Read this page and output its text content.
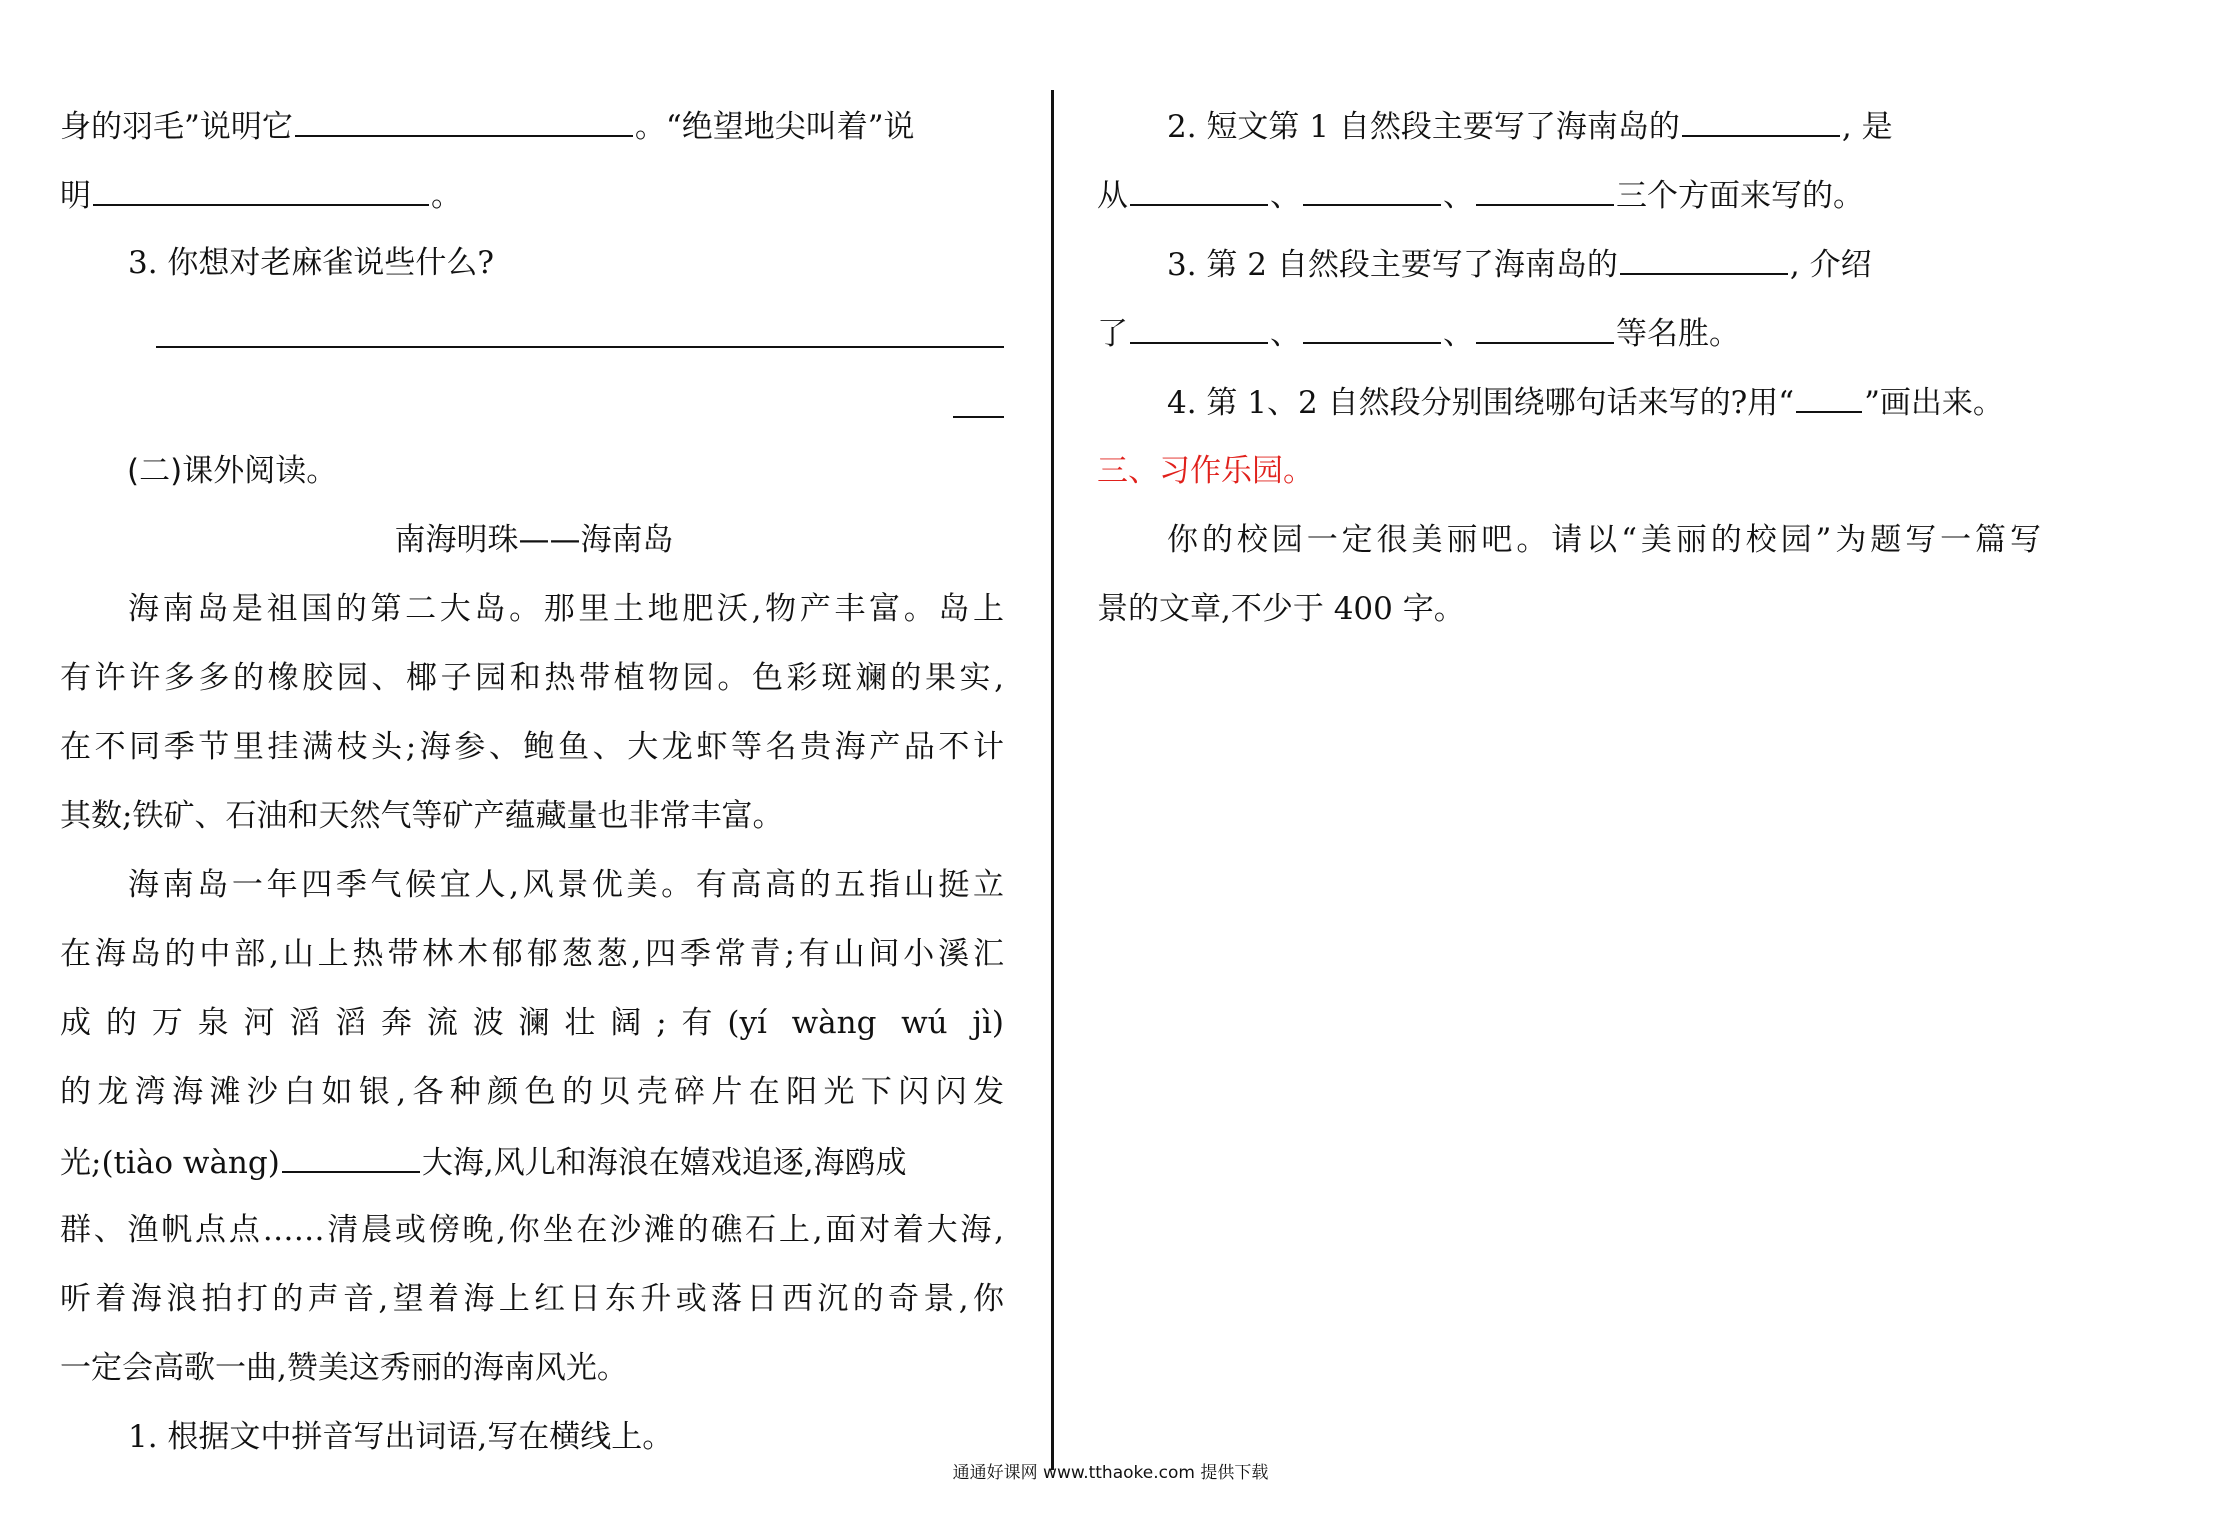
身的羽毛”说明它	。“绝望地尖叫着”说
明	。
3. 你想对老麻雀说些什么?
(二)课外阅读。
南海明珠——海南岛
海南岛是祖国的第二大岛。那里土地肥沃,物产丰富。岛上
有许许多多的橡胶园、椰子园和热带植物园。色彩斑斓的果实,
在不同季节里挂满枝头;海参、鲍鱼、大龙虾等名贵海产品不计
其数;铁矿、石油和天然气等矿产蕴藏量也非常丰富。
海南岛一年四季气候宜人,风景优美。有高高的五指山挺立
在海岛的中部,山上热带林木郁郁葱葱,四季常青;有山间小溪汇
成的万泉河滔滔奔流波澜壮阔;有(yí wàng wú jì)
的龙湾海滩沙白如银,各种颜色的贝壳碎片在阳光下闪闪发
光;(tiào wàng)	大海,风儿和海浪在嬉戏追逐,海鸥成
群、渔帆点点……清晨或傍晚,你坐在沙滩的礁石上,面对着大海,
听着海浪拍打的声音,望着海上红日东升或落日西沉的奇景,你
一定会高歌一曲,赞美这秀丽的海南风光。
1. 根据文中拼音写出词语,写在横线上。
2. 短文第 1 自然段主要写了海南岛的	, 是
从	、	、	三个方面来写的。
3. 第 2 自然段主要写了海南岛的	, 介绍
了	、	、	等名胜。
4. 第 1、2 自然段分别围绕哪句话来写的?用“ ”画出来。
三、习作乐园。
你的校园一定很美丽吧。请以“美丽的校园”为题写一篇写
景的文章,不少于 400 字。
通通好课网 www.tthaoke.com 提供下载
